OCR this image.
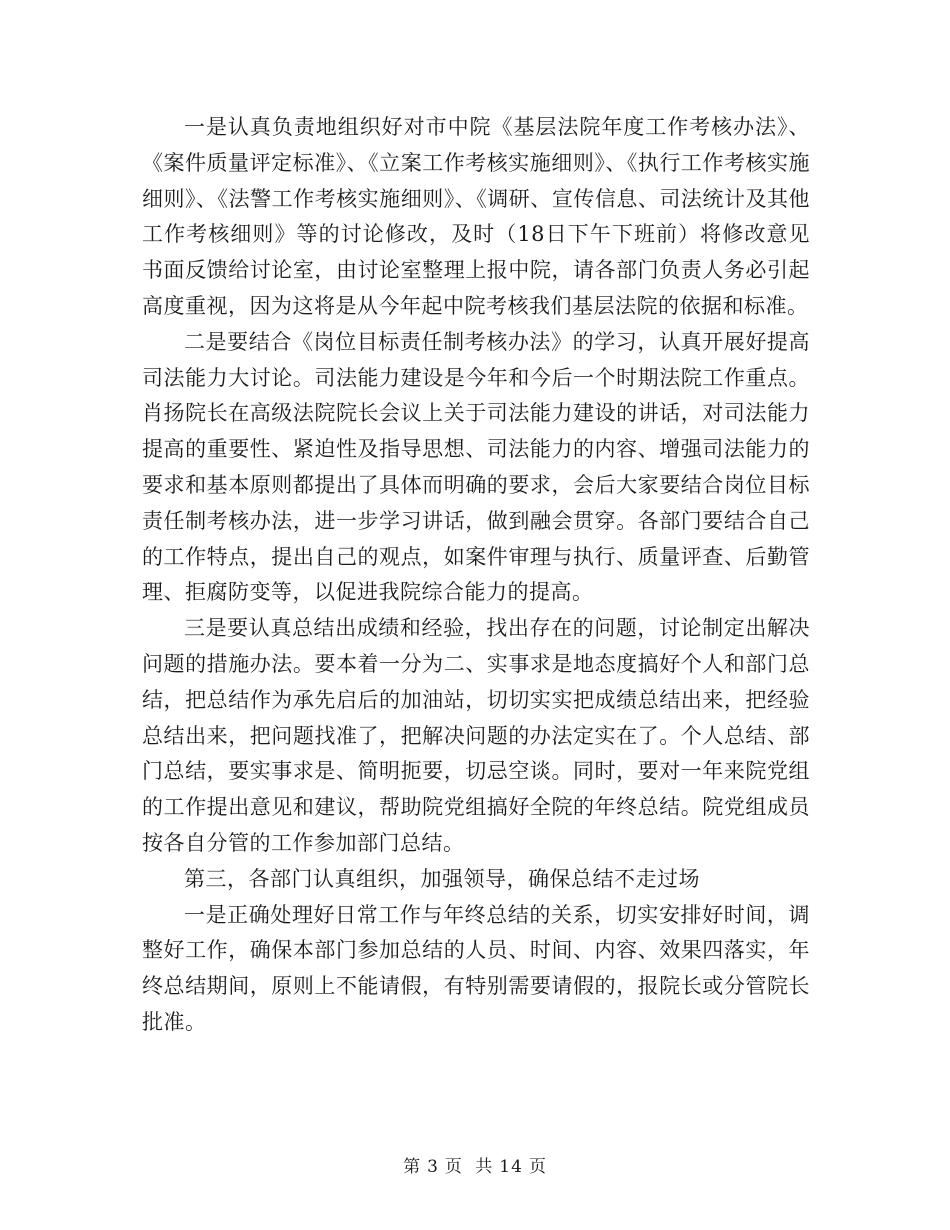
一是认真负责地组织好对市中院《基层法院年度工作考核办法》、《案件质量评定标准》、《立案工作考核实施细则》、《执行工作考核实施细则》、《法警工作考核实施细则》、《调研、宣传信息、司法统计及其他工作考核细则》等的讨论修改，及时（18日下午下班前）将修改意见书面反馈给讨论室，由讨论室整理上报中院，请各部门负责人务必引起高度重视，因为这将是从今年起中院考核我们基层法院的依据和标准。

二是要结合《岗位目标责任制考核办法》的学习，认真开展好提高司法能力大讨论。司法能力建设是今年和今后一个时期法院工作重点。肖扬院长在高级法院院长会议上关于司法能力建设的讲话，对司法能力提高的重要性、紧迫性及指导思想、司法能力的内容、增强司法能力的要求和基本原则都提出了具体而明确的要求，会后大家要结合岗位目标责任制考核办法，进一步学习讲话，做到融会贯穿。各部门要结合自己的工作特点，提出自己的观点，如案件审理与执行、质量评查、后勤管理、拒腐防变等，以促进我院综合能力的提高。

三是要认真总结出成绩和经验，找出存在的问题，讨论制定出解决问题的措施办法。要本着一分为二、实事求是地态度搞好个人和部门总结，把总结作为承先启后的加油站，切切实实把成绩总结出来，把经验总结出来，把问题找准了，把解决问题的办法定实在了。个人总结、部门总结，要实事求是、简明扼要，切忌空谈。同时，要对一年来院党组的工作提出意见和建议，帮助院党组搞好全院的年终总结。院党组成员按各自分管的工作参加部门总结。

第三，各部门认真组织，加强领导，确保总结不走过场

一是正确处理好日常工作与年终总结的关系，切实安排好时间，调整好工作，确保本部门参加总结的人员、时间、内容、效果四落实，年终总结期间，原则上不能请假，有特别需要请假的，报院长或分管院长批准。

第 3 页 共 14 页
